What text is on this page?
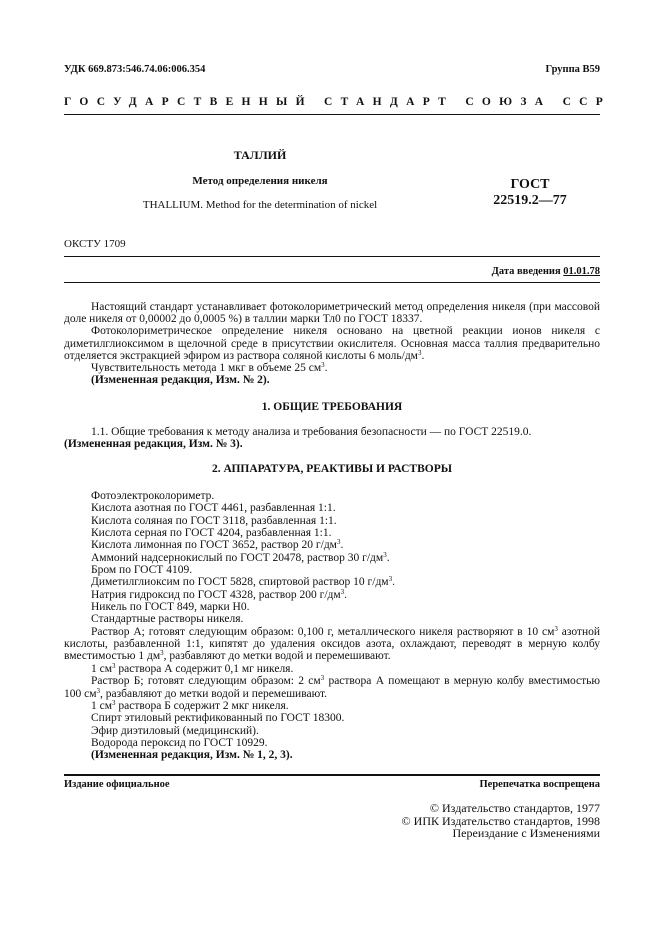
УДК 669.873:546.74.06:006.354	Группа В59
ГОСУДАРСТВЕННЫЙ СТАНДАРТ СОЮЗА ССР
ТАЛЛИЙ
Метод определения никеля
THALLIUM. Method for the determination of nickel
ГОСТ
22519.2—77
ОКСТУ 1709
Дата введения 01.01.78

Настоящий стандарт устанавливает фотоколориметрический метод определения никеля (при массовой доле никеля от 0,00002 до 0,0005 %) в таллии марки Тл0 по ГОСТ 18337.

Фотоколориметрическое определение никеля основано на цветной реакции ионов никеля с диметилглиоксимом в щелочной среде в присутствии окислителя. Основная масса таллия предварительно отделяется экстракцией эфиром из раствора соляной кислоты 6 моль/$дм^3$.

Чувствительность метода 1 мкг в объеме 25 $см^3$.

(Измененная редакция, Изм. № 2).

1. ОБЩИЕ ТРЕБОВАНИЯ

1.1. Общие требования к методу анализа и требования безопасности — по ГОСТ 22519.0.

(Измененная редакция, Изм. № 3).

2. АППАРАТУРА, РЕАКТИВЫ И РАСТВОРЫ
Фотоэлектроколориметр.
Кислота азотная по ГОСТ 4461, разбавленная 1:1.
Кислота соляная по ГОСТ 3118, разбавленная 1:1.
Кислота серная по ГОСТ 4204, разбавленная 1:1.
Кислота лимонная по ГОСТ 3652, раствор 20 $г/дм^3$.
Аммоний надсернокислый по ГОСТ 20478, раствор 30 $г/дм^3$.
Бром по ГОСТ 4109.
Диметилглиоксим по ГОСТ 5828, спиртовой раствор 10 $г/дм^3$.
Натрия гидроксид по ГОСТ 4328, раствор 200 $г/дм^3$.
Никель по ГОСТ 849, марки Н0.
Стандартные растворы никеля.
Раствор А; готовят следующим образом: 0,100 г, металлического никеля растворяют в 10 $см^3$ азотной кислоты, разбавленной 1:1, кипятят до удаления оксидов азота, охлаждают, переводят в мерную колбу вместимостью 1 $дм^3$, разбавляют до метки водой и перемешивают.
1 $см^3$ раствора А содержит 0,1 мг никеля.
Раствор Б; готовят следующим образом: 2 $см^3$ раствора А помещают в мерную колбу вместимостью 100 $см^3$, разбавляют до метки водой и перемешивают.
1 $см^3$ раствора Б содержит 2 мкг никеля.
Спирт этиловый ректификованный по ГОСТ 18300.
Эфир диэтиловый (медицинский).
Водорода пероксид по ГОСТ 10929.
(Измененная редакция, Изм. № 1, 2, 3).
Издание официальное	Перепечатка воспрещена
© Издательство стандартов, 1977
© ИПК Издательство стандартов, 1998
Переиздание с Изменениями
